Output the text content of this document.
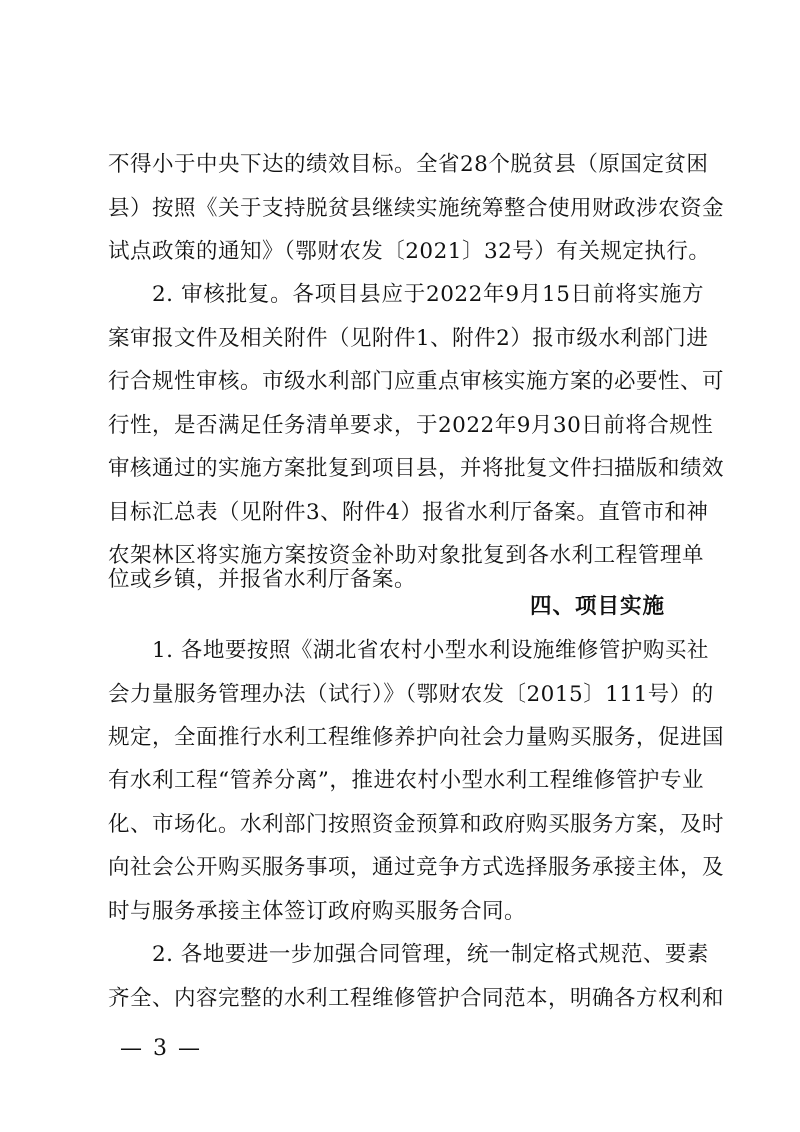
不得小于中央下达的绩效目标。全省28个脱贫县（原国定贫困
县）按照《关于支持脱贫县继续实施统筹整合使用财政涉农资金
试点政策的通知》（鄂财农发〔2021〕32号）有关规定执行。
2. 审核批复。各项目县应于2022年9月15日前将实施方
案审报文件及相关附件（见附件1、附件2）报市级水利部门进
行合规性审核。市级水利部门应重点审核实施方案的必要性、可
行性，是否满足任务清单要求，于2022年9月30日前将合规性
审核通过的实施方案批复到项目县，并将批复文件扫描版和绩效
目标汇总表（见附件3、附件4）报省水利厅备案。直管市和神
农架林区将实施方案按资金补助对象批复到各水利工程管理单
位或乡镇，并报省水利厅备案。
四、项目实施
1. 各地要按照《湖北省农村小型水利设施维修管护购买社
会力量服务管理办法（试行）》（鄂财农发〔2015〕111号）的
规定，全面推行水利工程维修养护向社会力量购买服务，促进国
有水利工程“管养分离”，推进农村小型水利工程维修管护专业
化、市场化。水利部门按照资金预算和政府购买服务方案，及时
向社会公开购买服务事项，通过竞争方式选择服务承接主体，及
时与服务承接主体签订政府购买服务合同。
2. 各地要进一步加强合同管理，统一制定格式规范、要素
齐全、内容完整的水利工程维修管护合同范本，明确各方权利和
— 3 —
